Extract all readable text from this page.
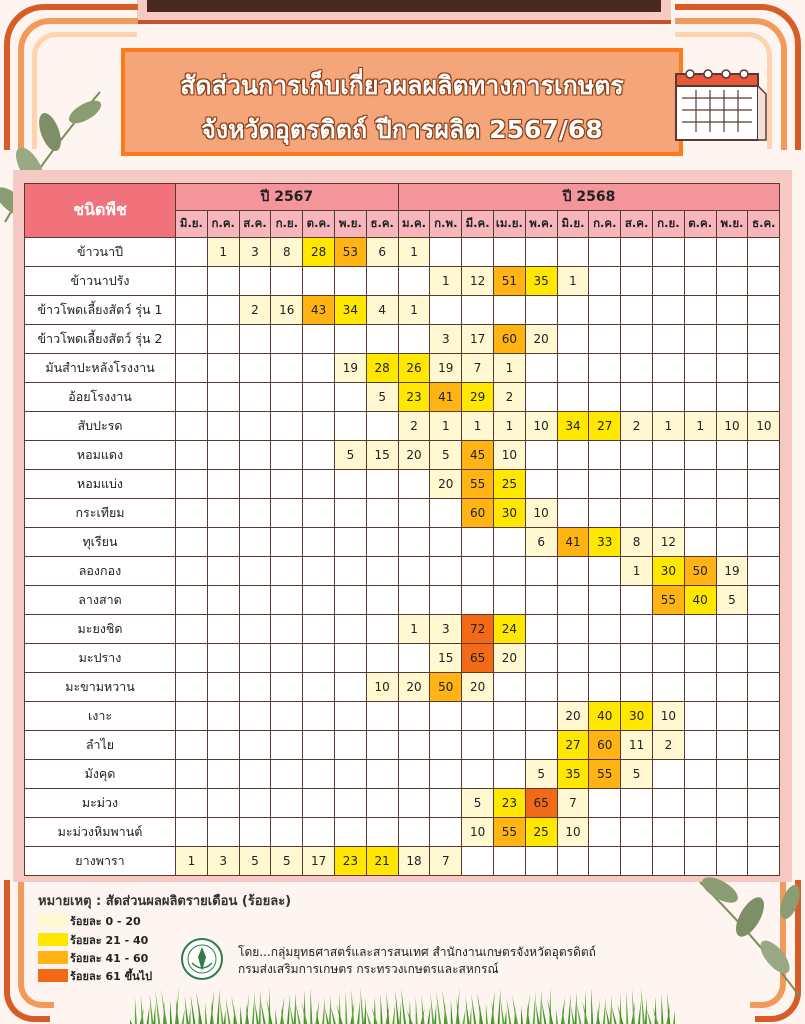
สัดส่วนการเก็บเกี่ยวผลผลิตทางการเกษตร
จังหวัดอุตรดิตถ์ ปีการผลิต 2567/68
ชนิดพืช	ปี 2567							ปี 2568											
	มิ.ย.	ก.ค.	ส.ค.	ก.ย.	ต.ค.	พ.ย.	ธ.ค.	ม.ค.	ก.พ.	มี.ค.	เม.ย.	พ.ค.	มิ.ย.	ก.ค.	ส.ค.	ก.ย.	ต.ค.	พ.ย.	ธ.ค.
ข้าวนาปี		1	3	8	28	53	6	1											
ข้าวนาปรัง									1	12	51	35	1						
ข้าวโพดเลี้ยงสัตว์ รุ่น 1			2	16	43	34	4	1											
ข้าวโพดเลี้ยงสัตว์ รุ่น 2									3	17	60	20							
มันสำปะหลังโรงงาน						19	28	26	19	7	1								
อ้อยโรงงาน							5	23	41	29	2								
สับปะรด								2	1	1	1	10	34	27	2	1	1	10	10
หอมแดง						5	15	20	5	45	10								
หอมแบ่ง									20	55	25								
กระเทียม										60	30	10							
ทุเรียน												6	41	33	8	12			
ลองกอง															1	30	50	19	
ลางสาด																55	40	5	
มะยงชิด								1	3	72	24								
มะปราง									15	65	20								
มะขามหวาน							10	20	50	20									
เงาะ													20	40	30	10			
ลำไย													27	60	11	2			
มังคุด												5	35	55	5				
มะม่วง										5	23	65	7						
มะม่วงหิมพานต์										10	55	25	10						
ยางพารา	1	3	5	5	17	23	21	18	7										
หมายเหตุ : สัดส่วนผลผลิตรายเดือน (ร้อยละ)
ร้อยละ 0 - 20
ร้อยละ 21 - 40
ร้อยละ 41 - 60
ร้อยละ 61 ขึ้นไป
โดย...กลุ่มยุทธศาสตร์และสารสนเทศ สำนักงานเกษตรจังหวัดอุตรดิตถ์
กรมส่งเสริมการเกษตร กระทรวงเกษตรและสหกรณ์
